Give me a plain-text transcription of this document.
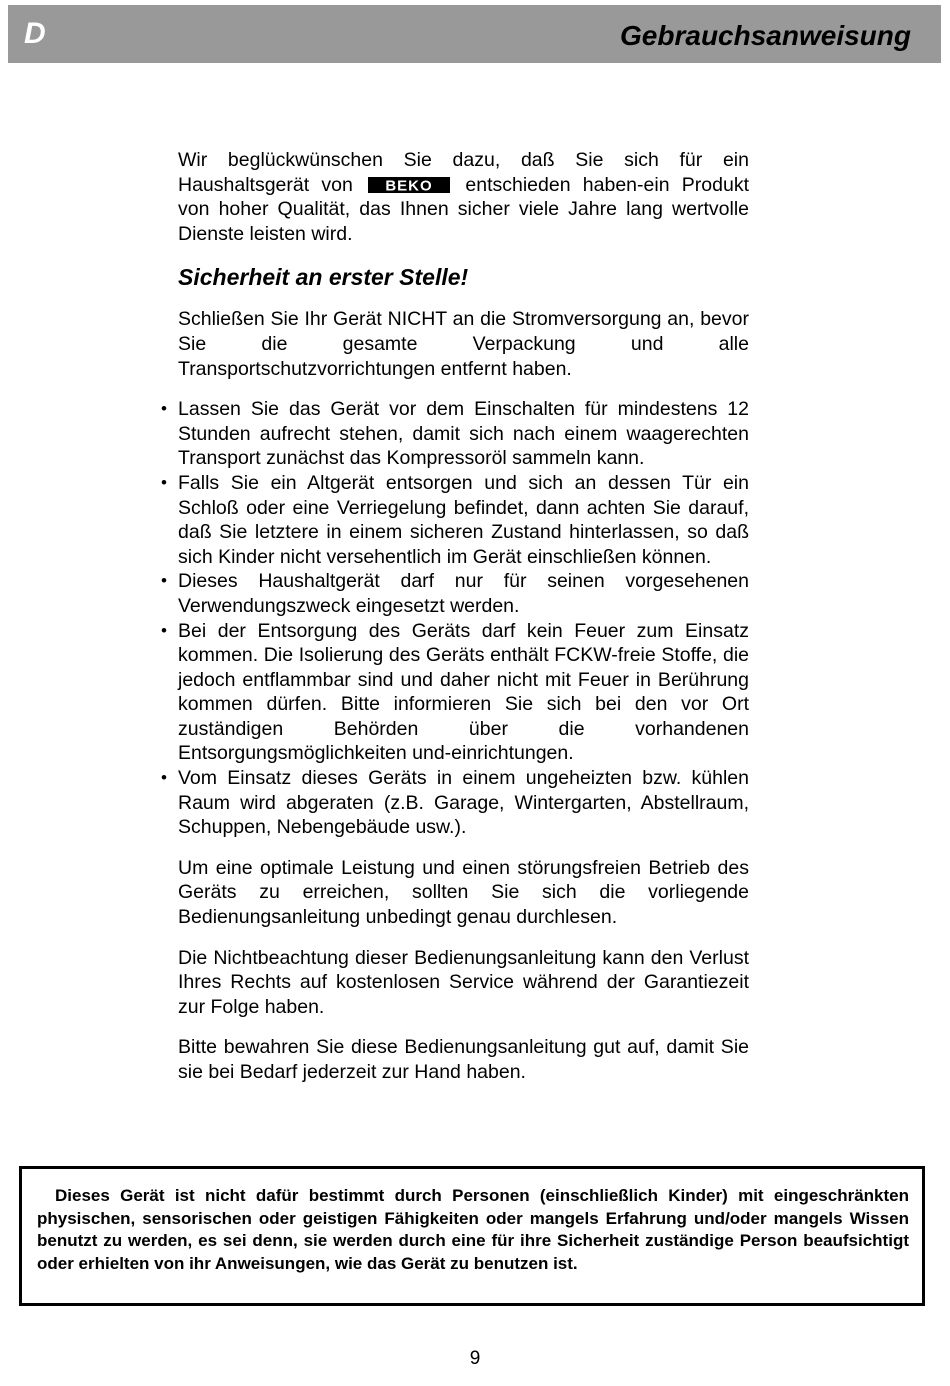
D	Gebrauchsanweisung

Wir beglückwünschen Sie dazu, daß Sie sich für ein Haushaltsgerät von BEKO entschieden haben-ein Produkt von hoher Qualität, das Ihnen sicher viele Jahre lang wertvolle Dienste leisten wird.

Sicherheit an erster Stelle!

Schließen Sie Ihr Gerät NICHT an die Stromversorgung an, bevor Sie die gesamte Verpackung und alle Transportschutzvorrichtungen entfernt haben.

• Lassen Sie das Gerät vor dem Einschalten für mindestens 12 Stunden aufrecht stehen, damit sich nach einem waagerechten Transport zunächst das Kompressoröl sammeln kann.
• Falls Sie ein Altgerät entsorgen und sich an dessen Tür ein Schloß oder eine Verriegelung befindet, dann achten Sie darauf, daß Sie letztere in einem sicheren Zustand hinterlassen, so daß sich Kinder nicht versehentlich im Gerät einschließen können.
• Dieses Haushaltgerät darf nur für seinen vorgesehenen Verwendungszweck eingesetzt werden.
• Bei der Entsorgung des Geräts darf kein Feuer zum Einsatz kommen. Die Isolierung des Geräts enthält FCKW-freie Stoffe, die jedoch entflammbar sind und daher nicht mit Feuer in Berührung kommen dürfen. Bitte informieren Sie sich bei den vor Ort zuständigen Behörden über die vorhandenen Entsorgungsmöglichkeiten und-einrichtungen.
• Vom Einsatz dieses Geräts in einem ungeheizten bzw. kühlen Raum wird abgeraten (z.B. Garage, Wintergarten, Abstellraum, Schuppen, Nebengebäude usw.).

Um eine optimale Leistung und einen störungsfreien Betrieb des Geräts zu erreichen, sollten Sie sich die vorliegende Bedienungsanleitung unbedingt genau durchlesen.

Die Nichtbeachtung dieser Bedienungsanleitung kann den Verlust Ihres Rechts auf kostenlosen Service während der Garantiezeit zur Folge haben.

Bitte bewahren Sie diese Bedienungsanleitung gut auf, damit Sie sie bei Bedarf jederzeit zur Hand haben.

Dieses Gerät ist nicht dafür bestimmt durch Personen (einschließlich Kinder) mit eingeschränkten physischen, sensorischen oder geistigen Fähigkeiten oder mangels Erfahrung und/oder mangels Wissen benutzt zu werden, es sei denn, sie werden durch eine für ihre Sicherheit zuständige Person beaufsichtigt oder erhielten von ihr Anweisungen, wie das Gerät zu benutzen ist.
9
